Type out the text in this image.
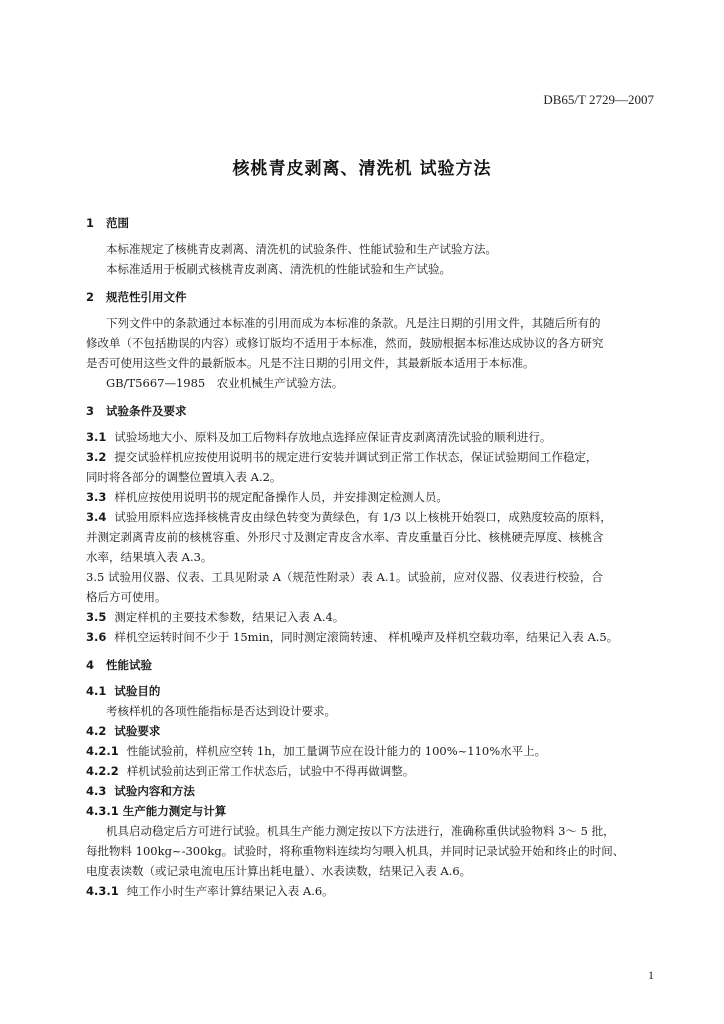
DB65/T 2729—2007
核桃青皮剥离、清洗机 试验方法
1 范围
本标准规定了核桃青皮剥离、清洗机的试验条件、性能试验和生产试验方法。
本标准适用于板刷式核桃青皮剥离、清洗机的性能试验和生产试验。
2 规范性引用文件
下列文件中的条款通过本标准的引用而成为本标准的条款。凡是注日期的引用文件，其随后所有的
修改单（不包括勘误的内容）或修订版均不适用于本标准，然而，鼓励根据本标准达成协议的各方研究
是否可使用这些文件的最新版本。凡是不注日期的引用文件，其最新版本适用于本标准。
GB/T5667—1985　农业机械生产试验方法。
3 试验条件及要求
3.1 试验场地大小、原料及加工后物料存放地点选择应保证青皮剥离清洗试验的顺利进行。
3.2 提交试验样机应按使用说明书的规定进行安装并调试到正常工作状态，保证试验期间工作稳定，
同时将各部分的调整位置填入表 A.2。
3.3 样机应按使用说明书的规定配备操作人员，并安排测定检测人员。
3.4 试验用原料应选择核桃青皮由绿色转变为黄绿色，有 1/3 以上核桃开始裂口，成熟度较高的原料，
并测定剥离青皮前的核桃容重、外形尺寸及测定青皮含水率、青皮重量百分比、核桃硬壳厚度、核桃含
水率，结果填入表 A.3。
3.5 试验用仪器、仪表、工具见附录 A（规范性附录）表 A.1。试验前，应对仪器、仪表进行校验，合
格后方可使用。
3.5 测定样机的主要技术参数，结果记入表 A.4。
3.6 样机空运转时间不少于 15min，同时测定滚筒转速、 样机噪声及样机空载功率，结果记入表 A.5。
4 性能试验
4.1 试验目的
考核样机的各项性能指标是否达到设计要求。
4.2 试验要求
4.2.1 性能试验前，样机应空转 1h，加工量调节应在设计能力的 100%~110%水平上。
4.2.2 样机试验前达到正常工作状态后，试验中不得再做调整。
4.3 试验内容和方法
4.3.1 生产能力测定与计算
机具启动稳定后方可进行试验。机具生产能力测定按以下方法进行，准确称重供试验物料 3～ 5 批，
每批物料 100kg~-300kg。试验时，将称重物料连续均匀喂入机具，并同时记录试验开始和终止的时间、
电度表读数（或记录电流电压计算出耗电量）、水表读数，结果记入表 A.6。
4.3.1 纯工作小时生产率计算结果记入表 A.6。
1
